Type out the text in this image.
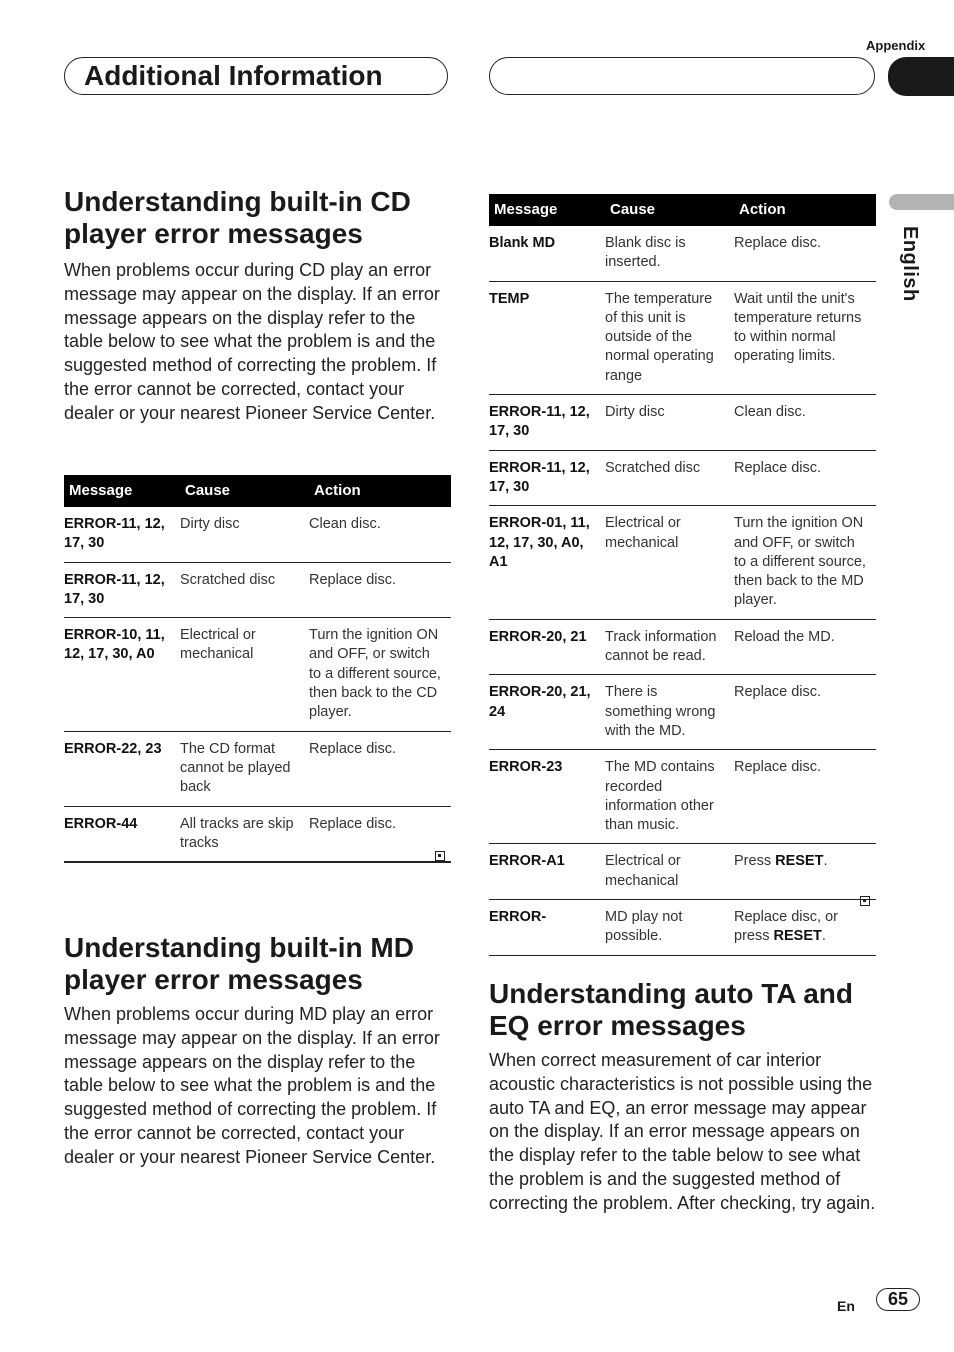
Appendix
Additional Information
English
Understanding built-in CD
player error messages
When problems occur during CD play an error message may appear on the display. If an error message appears on the display refer to the table below to see what the problem is and the suggested method of correcting the problem. If the error cannot be corrected, contact your dealer or your nearest Pioneer Service Center.
Message	Cause	Action
ERROR-11, 12, 17, 30	Dirty disc	Clean disc.
ERROR-11, 12, 17, 30	Scratched disc	Replace disc.
ERROR-10, 11, 12, 17, 30, A0	Electrical or mechanical	Turn the ignition ON and OFF, or switch to a different source, then back to the CD player.
ERROR-22, 23	The CD format cannot be played back	Replace disc.
ERROR-44	All tracks are skip tracks	Replace disc.
Understanding built-in MD
player error messages
When problems occur during MD play an error message may appear on the display. If an error message appears on the display refer to the table below to see what the problem is and the suggested method of correcting the problem. If the error cannot be corrected, contact your dealer or your nearest Pioneer Service Center.
Message	Cause	Action
Blank MD	Blank disc is inserted.	Replace disc.
TEMP	The temperature of this unit is outside of the normal operating range	Wait until the unit's temperature returns to within normal operating limits.
ERROR-11, 12, 17, 30	Dirty disc	Clean disc.
ERROR-11, 12, 17, 30	Scratched disc	Replace disc.
ERROR-01, 11, 12, 17, 30, A0, A1	Electrical or mechanical	Turn the ignition ON and OFF, or switch to a different source, then back to the MD player.
ERROR-20, 21	Track information cannot be read.	Reload the MD.
ERROR-20, 21, 24	There is something wrong with the MD.	Replace disc.
ERROR-23	The MD contains recorded information other than music.	Replace disc.
ERROR-A1	Electrical or mechanical	Press RESET.
ERROR-	MD play not possible.	Replace disc, or press RESET.
Understanding auto TA and
EQ error messages
When correct measurement of car interior acoustic characteristics is not possible using the auto TA and EQ, an error message may appear on the display. If an error message appears on the display refer to the table below to see what the problem is and the suggested method of correcting the problem. After checking, try again.
En	65
